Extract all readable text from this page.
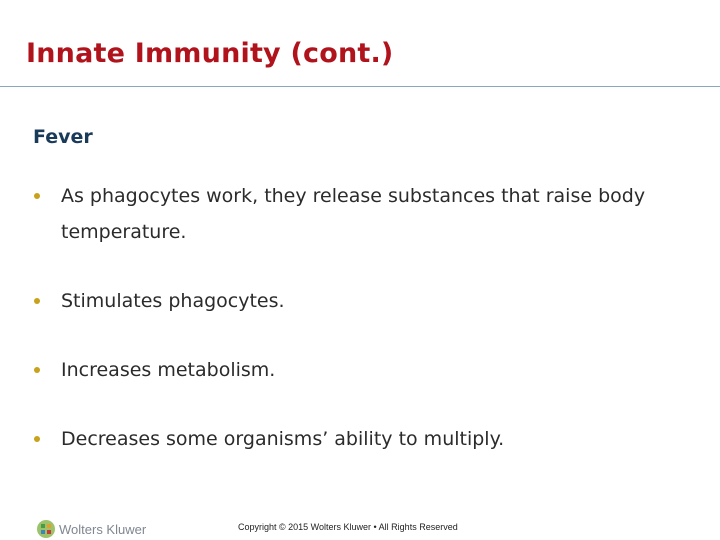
Innate Immunity (cont.)
Fever
As phagocytes work, they release substances that raise body temperature.
Stimulates phagocytes.
Increases metabolism.
Decreases some organisms’ ability to multiply.
Wolters Kluwer	Copyright © 2015 Wolters Kluwer • All Rights Reserved
